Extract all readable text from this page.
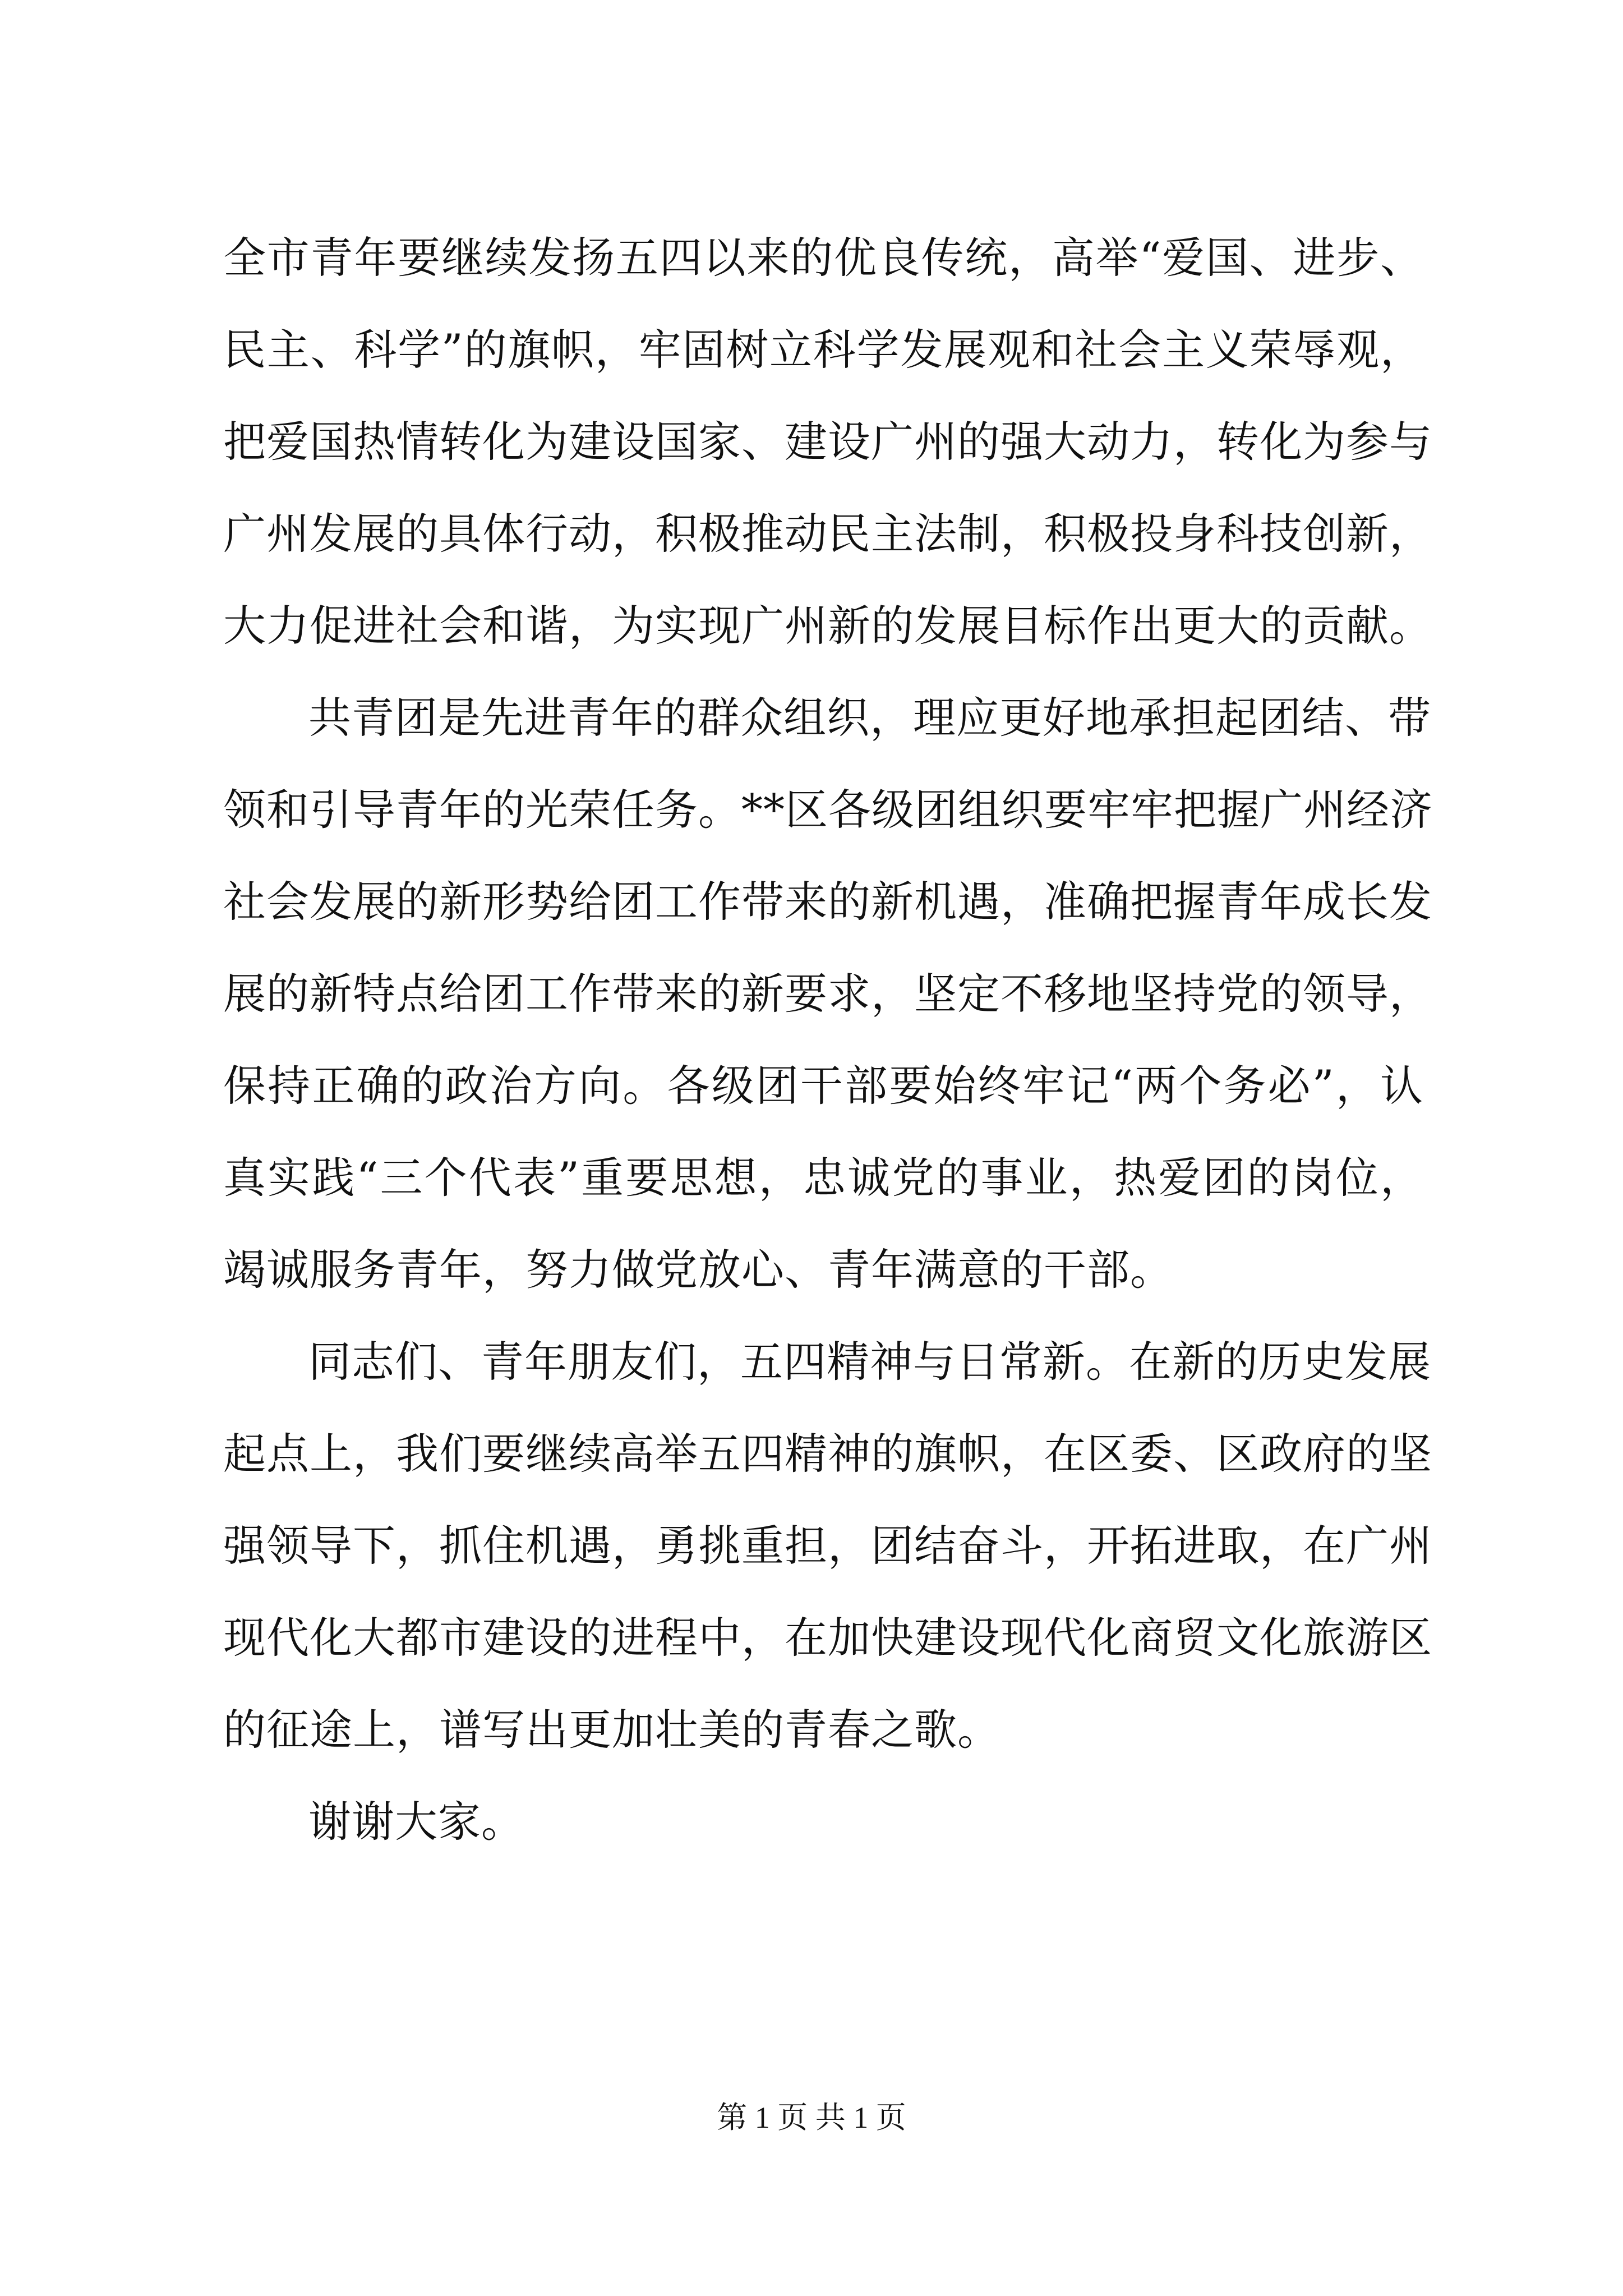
全市青年要继续发扬五四以来的优良传统，高举“爱国、进步、
民主、科学”的旗帜，牢固树立科学发展观和社会主义荣辱观，
把爱国热情转化为建设国家、建设广州的强大动力，转化为参与
广州发展的具体行动，积极推动民主法制，积极投身科技创新，
大力促进社会和谐，为实现广州新的发展目标作出更大的贡献。

共青团是先进青年的群众组织，理应更好地承担起团结、带
领和引导青年的光荣任务。**区各级团组织要牢牢把握广州经济
社会发展的新形势给团工作带来的新机遇，准确把握青年成长发
展的新特点给团工作带来的新要求，坚定不移地坚持党的领导，
保持正确的政治方向。各级团干部要始终牢记“两个务必”，认
真实践“三个代表”重要思想，忠诚党的事业，热爱团的岗位，
竭诚服务青年，努力做党放心、青年满意的干部。

同志们、青年朋友们，五四精神与日常新。在新的历史发展
起点上，我们要继续高举五四精神的旗帜，在区委、区政府的坚
强领导下，抓住机遇，勇挑重担，团结奋斗，开拓进取，在广州
现代化大都市建设的进程中，在加快建设现代化商贸文化旅游区
的征途上，谱写出更加壮美的青春之歌。

谢谢大家。

第 1 页 共 1 页
